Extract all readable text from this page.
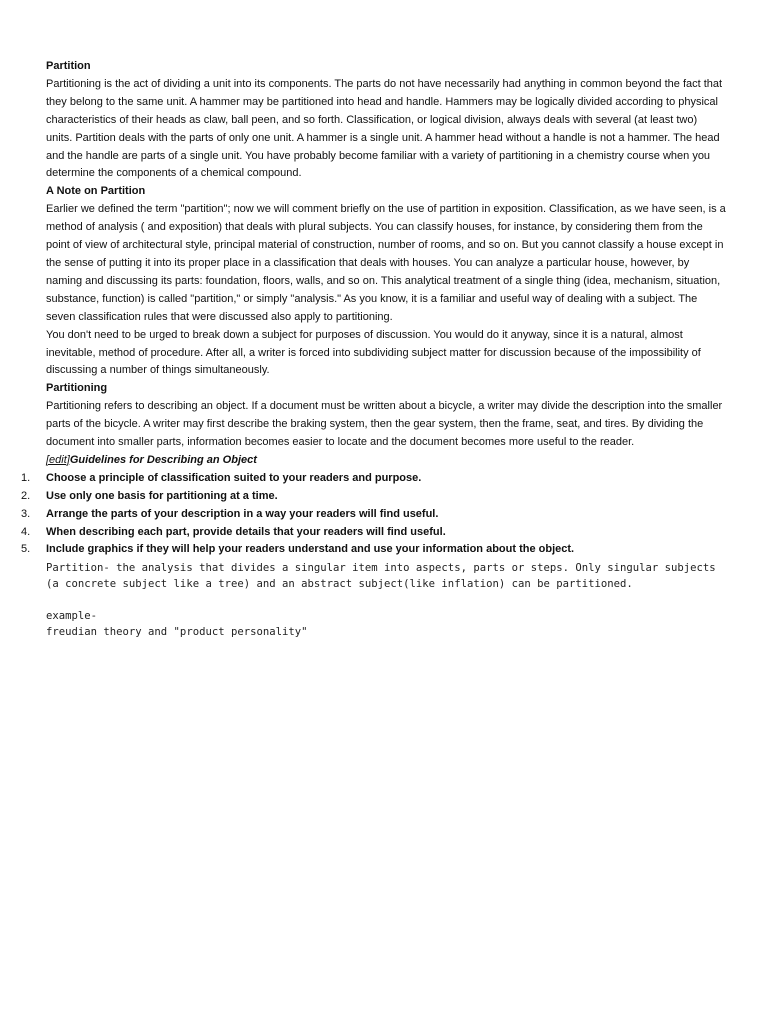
Partition

Partitioning is the act of dividing a unit into its components. The parts do not have necessarily had anything in common beyond the fact that they belong to the same unit. A hammer may be partitioned into head and handle. Hammers may be logically divided according to physical characteristics of their heads as claw, ball peen, and so forth. Classification, or logical division, always deals with several (at least two) units. Partition deals with the parts of only one unit. A hammer is a single unit. A hammer head without a handle is not a hammer. The head and the handle are parts of a single unit. You have probably become familiar with a variety of partitioning in a chemistry course when you determine the components of a chemical compound.

A Note on Partition

Earlier we defined the term "partition"; now we will comment briefly on the use of partition in exposition. Classification, as we have seen, is a method of analysis ( and exposition) that deals with plural subjects. You can classify houses, for instance, by considering them from the point of view of architectural style, principal material of construction, number of rooms, and so on. But you cannot classify a house except in the sense of putting it into its proper place in a classification that deals with houses. You can analyze a particular house, however, by naming and discussing its parts: foundation, floors, walls, and so on. This analytical treatment of a single thing (idea, mechanism, situation, substance, function) is called "partition," or simply "analysis." As you know, it is a familiar and useful way of dealing with a subject. The seven classification rules that were discussed also apply to partitioning.

You don't need to be urged to break down a subject for purposes of discussion. You would do it anyway, since it is a natural, almost inevitable, method of procedure. After all, a writer is forced into subdividing subject matter for discussion because of the impossibility of discussing a number of things simultaneously.

Partitioning

Partitioning refers to describing an object. If a document must be written about a bicycle, a writer may divide the description into the smaller parts of the bicycle. A writer may first describe the braking system, then the gear system, then the frame, seat, and tires. By dividing the document into smaller parts, information becomes easier to locate and the document becomes more useful to the reader.

[edit]Guidelines for Describing an Object

1.	Choose a principle of classification suited to your readers and purpose.
2.	Use only one basis for partitioning at a time.
3.	Arrange the parts of your description in a way your readers will find useful.
4.	When describing each part, provide details that your readers will find useful.
5.	Include graphics if they will help your readers understand and use your information about the object.
Partition- the analysis that divides a singular item into aspects, parts or steps. Only singular subjects (a concrete subject like a tree) and an abstract subject(like inflation) can be partitioned.
example-
freudian theory and "product personality"
